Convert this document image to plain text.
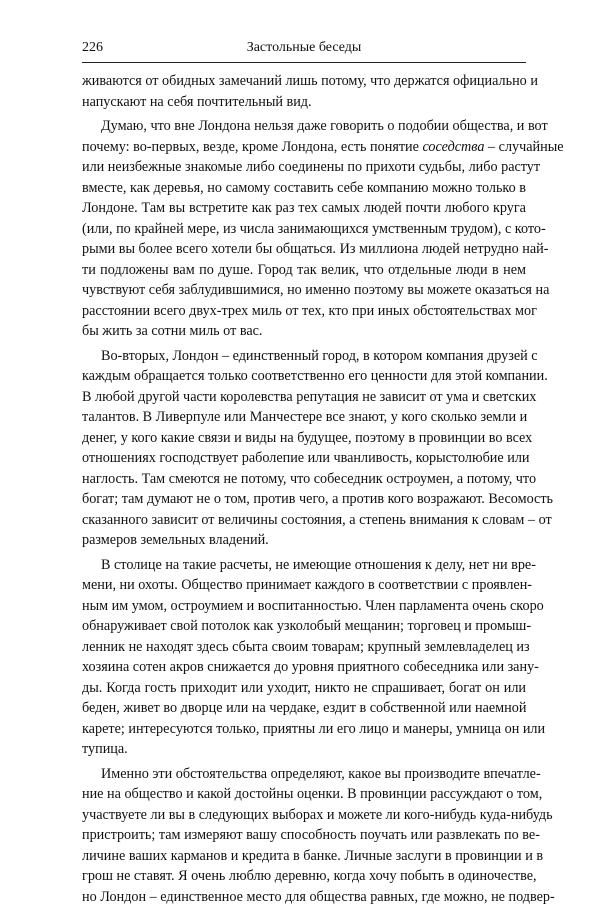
226	Застольные беседы
живаются от обидных замечаний лишь потому, что держатся официально и
напускают на себя почтительный вид.
Думаю, что вне Лондона нельзя даже говорить о подобии общества, и вот
почему: во-первых, везде, кроме Лондона, есть понятие соседства – случайные
или неизбежные знакомые либо соединены по прихоти судьбы, либо растут
вместе, как деревья, но самому составить себе компанию можно только в
Лондоне. Там вы встретите как раз тех самых людей почти любого круга
(или, по крайней мере, из числа занимающихся умственным трудом), с кото-
рыми вы более всего хотели бы общаться. Из миллиона людей нетрудно най-
ти подложены вам по душе. Город так велик, что отдельные люди в нем
чувствуют себя заблудившимися, но именно поэтому вы можете оказаться на
расстоянии всего двух-трех миль от тех, кто при иных обстоятельствах мог
бы жить за сотни миль от вас.
Во-вторых, Лондон – единственный город, в котором компания друзей с
каждым обращается только соответственно его ценности для этой компании.
В любой другой части королевства репутация не зависит от ума и светских
талантов. В Ливерпуле или Манчестере все знают, у кого сколько земли и
денег, у кого какие связи и виды на будущее, поэтому в провинции во всех
отношениях господствует раболепие или чванливость, корыстолюбие или
наглость. Там смеются не потому, что собеседник остроумен, а потому, что
богат; там думают не о том, против чего, а против кого возражают. Весомость
сказанного зависит от величины состояния, а степень внимания к словам – от
размеров земельных владений.
В столице на такие расчеты, не имеющие отношения к делу, нет ни вре-
мени, ни охоты. Общество принимает каждого в соответствии с проявлен-
ным им умом, остроумием и воспитанностью. Член парламента очень скоро
обнаруживает свой потолок как узколобый мещанин; торговец и промыш-
ленник не находят здесь сбыта своим товарам; крупный землевладелец из
хозяина сотен акров снижается до уровня приятного собеседника или зану-
ды. Когда гость приходит или уходит, никто не спрашивает, богат он или
беден, живет во дворце или на чердаке, ездит в собственной или наемной
карете; интересуются только, приятны ли его лицо и манеры, умница он или
тупица.
Именно эти обстоятельства определяют, какое вы производите впечатле-
ние на общество и какой достойны оценки. В провинции рассуждают о том,
участвуете ли вы в следующих выборах и можете ли кого-нибудь куда-нибудь
пристроить; там измеряют вашу способность поучать или развлекать по ве-
личине ваших карманов и кредита в банке. Личные заслуги в провинции и в
грош не ставят. Я очень люблю деревню, когда хочу побыть в одиночестве,
но Лондон – единственное место для общества равных, где можно, не подвер-
